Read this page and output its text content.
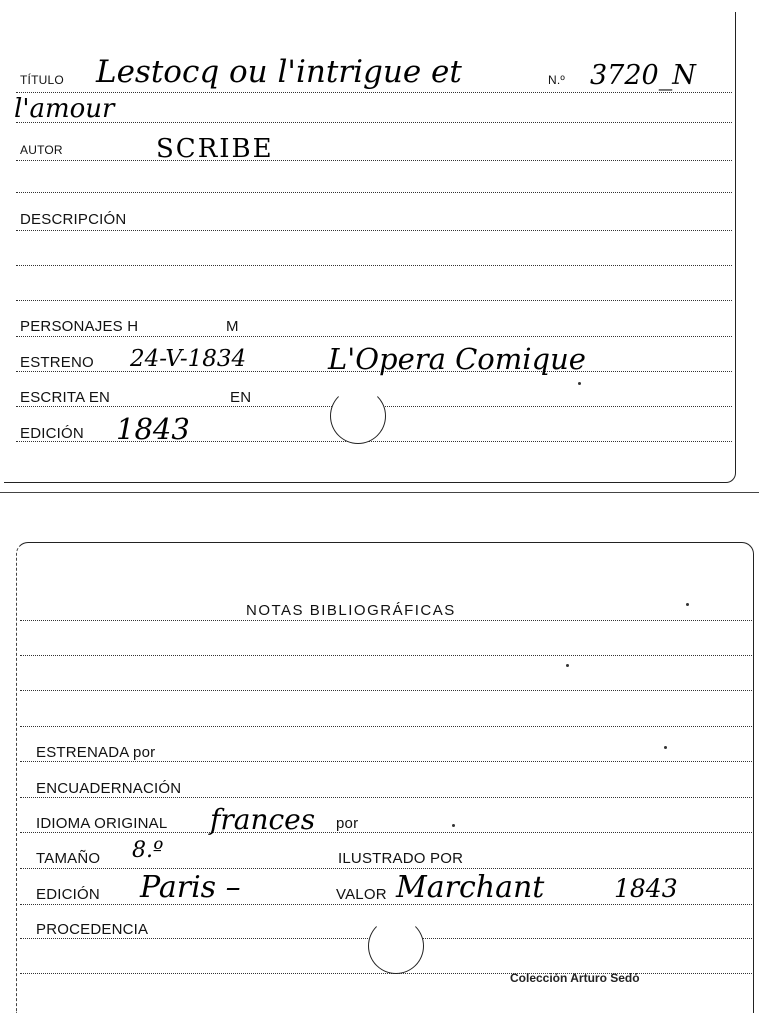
TÍTULO Lestocq ou l'intrigue et	N.º 3720_N
l'amour
AUTOR	SCRIBE
DESCRIPCIÓN
PERSONAJES H	M
ESTRENO 24-V-1834	L'Opera Comique
ESCRITA EN	EN
EDICIÓN 1843
NOTAS BIBLIOGRÁFICAS
ESTRENADA por
ENCUADERNACIÓN
IDIOMA ORIGINAL frances por
TAMAÑO 8.º	ILUSTRADO POR
EDICIÓN Paris –	VALOR Marchant	1843
PROCEDENCIA
Colección Arturo Sedó
